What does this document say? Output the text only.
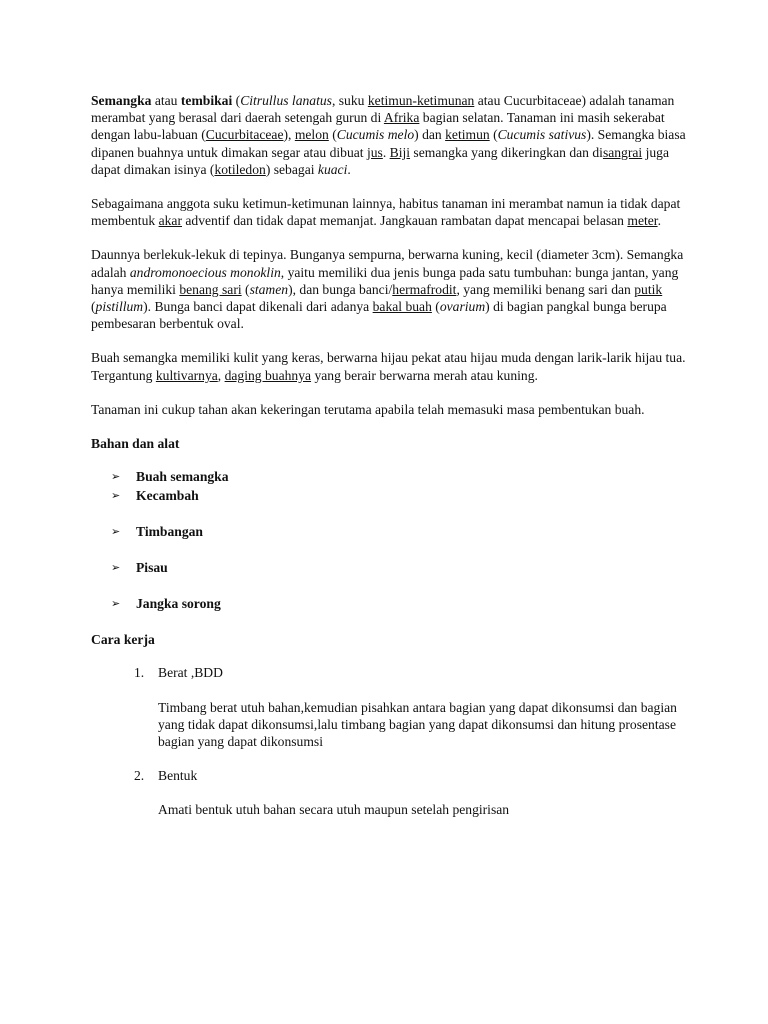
Semangka atau tembikai (Citrullus lanatus, suku ketimun-ketimunan atau Cucurbitaceae) adalah tanaman merambat yang berasal dari daerah setengah gurun di Afrika bagian selatan. Tanaman ini masih sekerabat dengan labu-labuan (Cucurbitaceae), melon (Cucumis melo) dan ketimun (Cucumis sativus). Semangka biasa dipanen buahnya untuk dimakan segar atau dibuat jus. Biji semangka yang dikeringkan dan disangrai juga dapat dimakan isinya (kotiledon) sebagai kuaci.

Sebagaimana anggota suku ketimun-ketimunan lainnya, habitus tanaman ini merambat namun ia tidak dapat membentuk akar adventif dan tidak dapat memanjat. Jangkauan rambatan dapat mencapai belasan meter.

Daunnya berlekuk-lekuk di tepinya. Bunganya sempurna, berwarna kuning, kecil (diameter 3cm). Semangka adalah andromonoecious monoklin, yaitu memiliki dua jenis bunga pada satu tumbuhan: bunga jantan, yang hanya memiliki benang sari (stamen), dan bunga banci/hermafrodit, yang memiliki benang sari dan putik (pistillum). Bunga banci dapat dikenali dari adanya bakal buah (ovarium) di bagian pangkal bunga berupa pembesaran berbentuk oval.

Buah semangka memiliki kulit yang keras, berwarna hijau pekat atau hijau muda dengan larik-larik hijau tua. Tergantung kultivarnya, daging buahnya yang berair berwarna merah atau kuning.

Tanaman ini cukup tahan akan kekeringan terutama apabila telah memasuki masa pembentukan buah.

Bahan dan alat

➢ Buah semangka
➢ Kecambah
➢ Timbangan
➢ Pisau
➢ Jangka sorong

Cara kerja

1. Berat ,BDD

Timbang berat utuh bahan,kemudian pisahkan antara bagian yang dapat dikonsumsi dan bagian yang tidak dapat dikonsumsi,lalu timbang bagian yang dapat dikonsumsi dan hitung prosentase bagian yang dapat dikonsumsi

2. Bentuk

Amati bentuk utuh bahan secara utuh maupun setelah pengirisan
